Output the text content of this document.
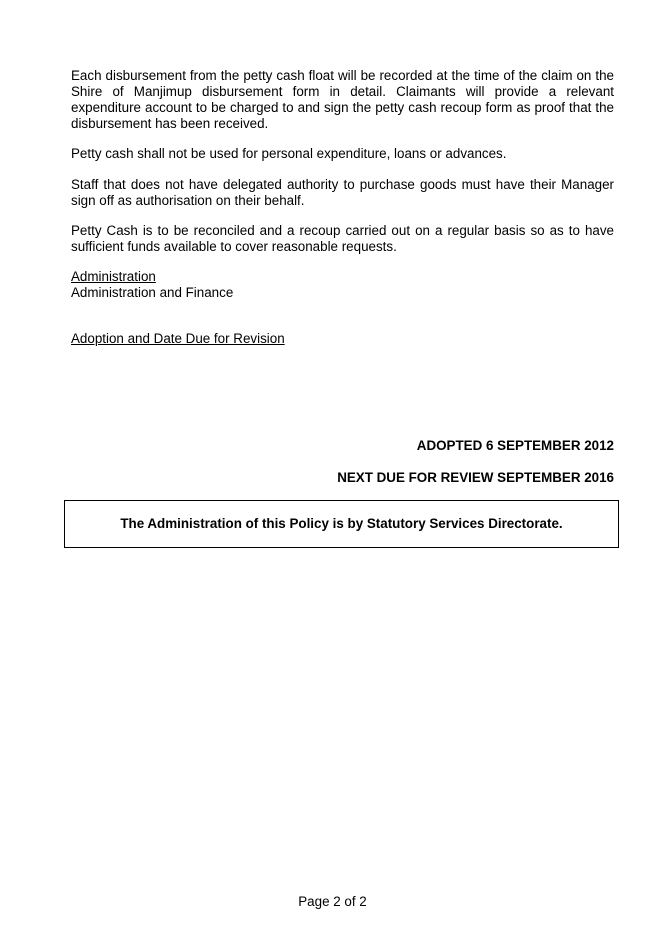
Each disbursement from the petty cash float will be recorded at the time of the claim on the Shire of Manjimup disbursement form in detail. Claimants will provide a relevant expenditure account to be charged to and sign the petty cash recoup form as proof that the disbursement has been received.

Petty cash shall not be used for personal expenditure, loans or advances.

Staff that does not have delegated authority to purchase goods must have their Manager sign off as authorisation on their behalf.

Petty Cash is to be reconciled and a recoup carried out on a regular basis so as to have sufficient funds available to cover reasonable requests.

Administration
Administration and Finance
Adoption and Date Due for Revision
ADOPTED 6 SEPTEMBER 2012
NEXT DUE FOR REVIEW SEPTEMBER 2016
The Administration of this Policy is by Statutory Services Directorate.
Page 2 of 2
